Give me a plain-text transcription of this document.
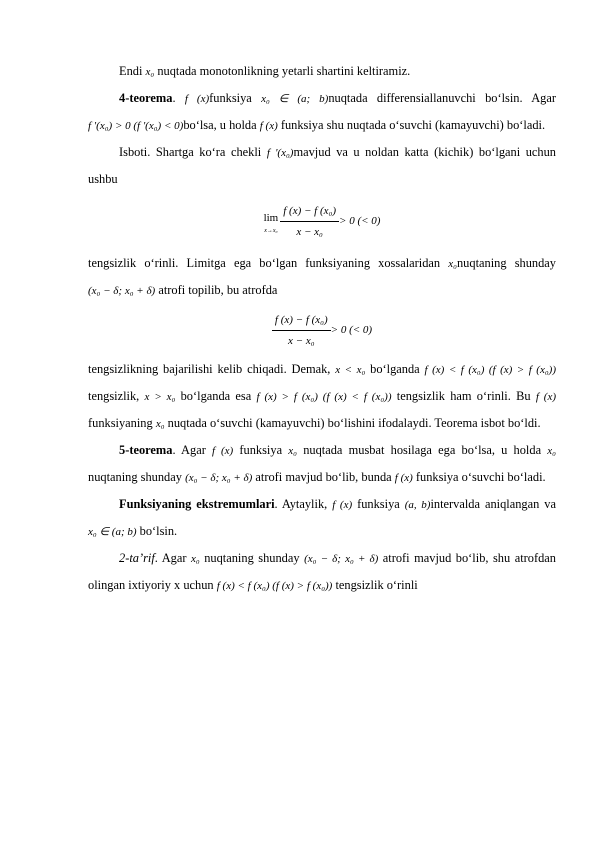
Endi x₀ nuqtada monotonlikning yetarli shartini keltiramiz.

4-teorema. f (x)funksiya x₀ ∈ (a; b)nuqtada differensiallanuvchi bo‘lsin. Agar f '(x₀) > 0 (f '(x₀) < 0)bo‘lsa, u holda f (x) funksiya shu nuqtada o‘suvchi (kamayuvchi) bo‘ladi.

Isboti. Shartga ko‘ra chekli f '(x₀)mavjud va u noldan katta (kichik) bo‘lgani uchun ushbu

lim
$x\to x_0 \frac{\text{f (x) − f (x₀)}}{\text{x − x₀}} > 0$ (< 0)

tengsizlik o‘rinli. Limitga ega bo‘lgan funksiyaning xossalaridan x₀nuqtaning shunday (x₀ − δ; x₀ + δ) atrofi topilib, bu atrofda

$\frac{\text{f (x) − f (x₀)}}{\text{x − x₀}} > 0$ (< 0)

tengsizlikning bajarilishi kelib chiqadi. Demak, x < x₀ bo‘lganda f (x) < f (x₀) (f (x) > f (x₀)) tengsizlik, x > x₀ bo‘lganda esa f (x) > f (x₀) (f (x) < f (x₀)) tengsizlik ham o‘rinli. Bu f (x) funksiyaning x₀ nuqtada o‘suvchi (kamayuvchi) bo‘lishini ifodalaydi. Teorema isbot bo‘ldi.

5-teorema. Agar f (x) funksiya x₀ nuqtada musbat hosilaga ega bo‘lsa, u holda x₀ nuqtaning shunday (x₀ − δ; x₀ + δ) atrofi mavjud bo‘lib, bunda f (x) funksiya o‘suvchi bo‘ladi.

Funksiyaning ekstremumlari. Aytaylik, f (x) funksiya (a, b)intervalda aniqlangan va x₀ ∈ (a; b) bo‘lsin.

2-ta’rif. Agar x₀ nuqtaning shunday (x₀ − δ; x₀ + δ) atrofi mavjud bo‘lib, shu atrofdan olingan ixtiyoriy x uchun f (x) < f (x₀) (f (x) > f (x₀)) tengsizlik o‘rinli
